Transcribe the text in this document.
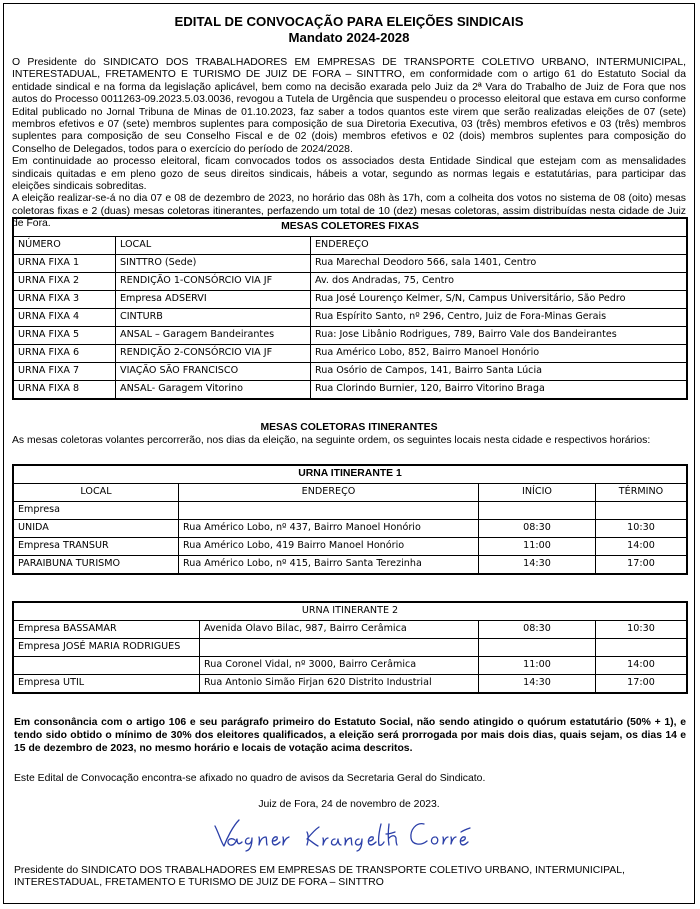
EDITAL DE CONVOCAÇÃO PARA ELEIÇÕES SINDICAIS
Mandato 2024-2028

O Presidente do SINDICATO DOS TRABALHADORES EM EMPRESAS DE TRANSPORTE COLETIVO URBANO, INTERMUNICIPAL, INTERESTADUAL, FRETAMENTO E TURISMO DE JUIZ DE FORA – SINTTRO, em conformidade com o artigo 61 do Estatuto Social da entidade sindical e na forma da legislação aplicável, bem como na decisão exarada pelo Juiz da 2ª Vara do Trabalho de Juiz de Fora que nos autos do Processo 0011263-09.2023.5.03.0036, revogou a Tutela de Urgência que suspendeu o processo eleitoral que estava em curso conforme Edital publicado no Jornal Tribuna de Minas de 01.10.2023, faz saber a todos quantos este virem que serão realizadas eleições de 07 (sete) membros efetivos e 07 (sete) membros suplentes para composição de sua Diretoria Executiva, 03 (três) membros efetivos e 03 (três) membros suplentes para composição de seu Conselho Fiscal e de 02 (dois) membros efetivos e 02 (dois) membros suplentes para composição do Conselho de Delegados, todos para o exercício do período de 2024/2028.

Em continuidade ao processo eleitoral, ficam convocados todos os associados desta Entidade Sindical que estejam com as mensalidades sindicais quitadas e em pleno gozo de seus direitos sindicais, hábeis a votar, segundo as normas legais e estatutárias, para participar das eleições sindicais sobreditas.

A eleição realizar-se-á no dia 07 e 08 de dezembro de 2023, no horário das 08h às 17h, com a colheita dos votos no sistema de 08 (oito) mesas coletoras fixas e 2 (duas) mesas coletoras itinerantes, perfazendo um total de 10 (dez) mesas coletoras, assim distribuídas nesta cidade de Juiz de Fora.	MESAS COLETORES FIXAS		
NÚMERO	LOCAL	ENDEREÇO
URNA FIXA 1	SINTTRO (Sede)	Rua Marechal Deodoro 566, sala 1401, Centro
URNA FIXA 2	RENDIÇÃO 1-CONSÓRCIO VIA JF	Av. dos Andradas, 75, Centro
URNA FIXA 3	Empresa ADSERVI	Rua José Lourenço Kelmer, S/N, Campus Universitário, São Pedro
URNA FIXA 4	CINTURB	Rua Espírito Santo, nº 296, Centro, Juiz de Fora-Minas Gerais
URNA FIXA 5	ANSAL – Garagem Bandeirantes	Rua: Jose Libânio Rodrigues, 789, Bairro Vale dos Bandeirantes
URNA FIXA 6	RENDIÇÃO 2-CONSÓRCIO VIA JF	Rua Américo Lobo, 852, Bairro Manoel Honório
URNA FIXA 7	VIAÇÃO SÃO FRANCISCO	Rua Osório de Campos, 141, Bairro Santa Lúcia
URNA FIXA 8	ANSAL- Garagem Vitorino	Rua Clorindo Burnier, 120, Bairro Vitorino Braga
MESAS COLETORAS ITINERANTES
As mesas coletoras volantes percorrerão, nos dias da eleição, na seguinte ordem, os seguintes locais nesta cidade e respectivos horários:
URNA ITINERANTE 1			
LOCAL	ENDEREÇO	INÍCIO	TÉRMINO
Empresa			
UNIDA	Rua Américo Lobo, nº 437, Bairro Manoel Honório	08:30	10:30
Empresa TRANSUR	Rua Américo Lobo, 419 Bairro Manoel Honório	11:00	14:00
PARAIBUNA TURISMO	Rua Américo Lobo, nº 415, Bairro Santa Terezinha	14:30	17:00
URNA ITINERANTE 2			
Empresa BASSAMAR	Avenida Olavo Bilac, 987, Bairro Cerâmica	08:30	10:30
Empresa JOSÉ MARIA RODRIGUES			
	Rua Coronel Vidal, nº 3000, Bairro Cerâmica	11:00	14:00
Empresa UTIL	Rua Antonio Simão Firjan 620 Distrito Industrial	14:30	17:00
Em consonância com o artigo 106 e seu parágrafo primeiro do Estatuto Social, não sendo atingido o quórum estatutário (50% + 1), e tendo sido obtido o mínimo de 30% dos eleitores qualificados, a eleição será prorrogada por mais dois dias, quais sejam, os dias 14 e 15 de dezembro de 2023, no mesmo horário e locais de votação acima descritos.
Este Edital de Convocação encontra-se afixado no quadro de avisos da Secretaria Geral do Sindicato.
Juiz de Fora, 24 de novembro de 2023.
Presidente do SINDICATO DOS TRABALHADORES EM EMPRESAS DE TRANSPORTE COLETIVO URBANO, INTERMUNICIPAL, INTERESTADUAL, FRETAMENTO E TURISMO DE JUIZ DE FORA – SINTTRO
